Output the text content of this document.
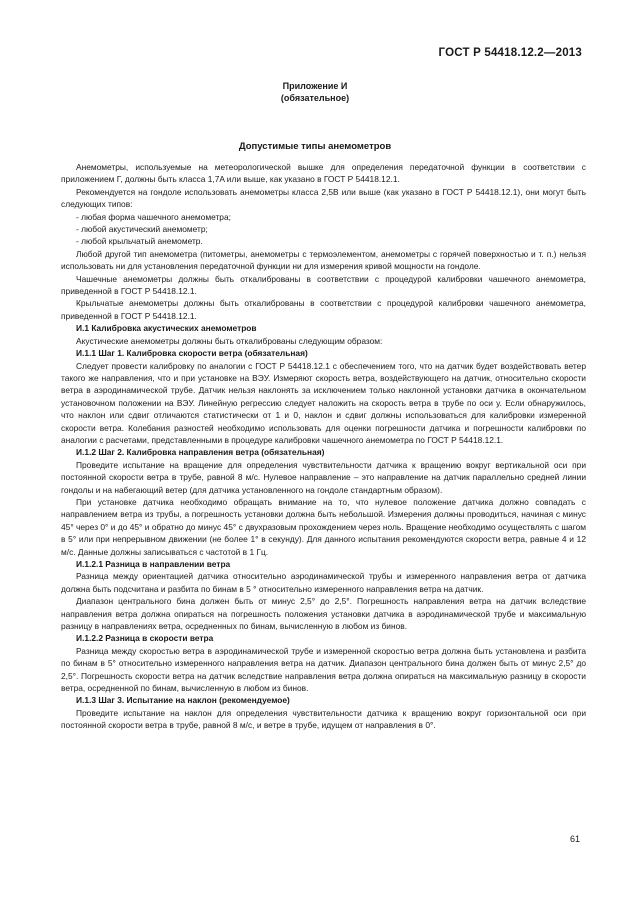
ГОСТ Р 54418.12.2—2013
Приложение И
(обязательное)
Допустимые типы анемометров

Анемометры, используемые на метеорологической вышке для определения передаточной функции в соответствии с приложением Г, должны быть класса 1,7A или выше, как указано в ГОСТ Р 54418.12.1.

Рекомендуется на гондоле использовать анемометры класса 2,5B или выше (как указано в ГОСТ Р 54418.12.1), они могут быть следующих типов:

- любая форма чашечного анемометра;

- любой акустический анемометр;

- любой крыльчатый анемометр.

Любой другой тип анемометра (питометры, анемометры с термоэлементом, анемометры с горячей поверхностью и т. п.) нельзя использовать ни для установления передаточной функции ни для измерения кривой мощности на гондоле.

Чашечные анемометры должны быть откалиброваны в соответствии с процедурой калибровки чашечного анемометра, приведенной в ГОСТ Р 54418.12.1.

Крыльчатые анемометры должны быть откалиброваны в соответствии с процедурой калибровки чашечного анемометра, приведенной в ГОСТ Р 54418.12.1.

И.1 Калибровка акустических анемометров

Акустические анемометры должны быть откалиброваны следующим образом:

И.1.1 Шаг 1. Калибровка скорости ветра (обязательная)

Следует провести калибровку по аналогии с ГОСТ Р 54418.12.1 с обеспечением того, что на датчик будет воздействовать ветер такого же направления, что и при установке на ВЭУ. Измеряют скорость ветра, воздействующего на датчик, относительно скорости ветра в аэродинамической трубе. Датчик нельзя наклонять за исключением только наклонной установки датчика в окончательном установочном положении на ВЭУ. Линейную регрессию следует наложить на скорость ветра в трубе по оси y. Если обнаружилось, что наклон или сдвиг отличаются статистически от 1 и 0, наклон и сдвиг должны использоваться для калибровки измеренной скорости ветра. Колебания разностей необходимо использовать для оценки погрешности датчика и погрешности калибровки по аналогии с расчетами, представленными в процедуре калибровки чашечного анемометра по ГОСТ Р 54418.12.1.

И.1.2 Шаг 2. Калибровка направления ветра (обязательная)

Проведите испытание на вращение для определения чувствительности датчика к вращению вокруг вертикальной оси при постоянной скорости ветра в трубе, равной 8 м/с. Нулевое направление – это направление на датчик параллельно средней линии гондолы и на набегающий ветер (для датчика установленного на гондоле стандартным образом).

При установке датчика необходимо обращать внимание на то, что нулевое положение датчика должно совпадать с направлением ветра из трубы, а погрешность установки должна быть небольшой. Измерения должны проводиться, начиная с минус 45° через 0° и до 45° и обратно до минус 45° с двухразовым прохождением через ноль. Вращение необходимо осуществлять с шагом в 5° или при непрерывном движении (не более 1° в секунду). Для данного испытания рекомендуются скорости ветра, равные 4 и 12 м/с. Данные должны записываться с частотой в 1 Гц.

И.1.2.1 Разница в направлении ветра

Разница между ориентацией датчика относительно аэродинамической трубы и измеренного направления ветра от датчика должна быть подсчитана и разбита по бинам в 5 ° относительно измеренного направления ветра на датчик.

Диапазон центрального бина должен быть от минус 2,5° до 2,5°. Погрешность направления ветра на датчик вследствие направления ветра должна опираться на погрешность положения установки датчика в аэродинамической трубе и максимальную разницу в направлениях ветра, осредненных по бинам, вычисленную в любом из бинов.

И.1.2.2 Разница в скорости ветра

Разница между скоростью ветра в аэродинамической трубе и измеренной скоростью ветра должна быть установлена и разбита по бинам в 5° относительно измеренного направления ветра на датчик. Диапазон центрального бина должен быть от минус 2,5° до 2,5°. Погрешность скорости ветра на датчик вследствие направления ветра должна опираться на максимальную разницу в скорости ветра, осредненной по бинам, вычисленную в любом из бинов.

И.1.3 Шаг 3. Испытание на наклон (рекомендуемое)

Проведите испытание на наклон для определения чувствительности датчика к вращению вокруг горизонтальной оси при постоянной скорости ветра в трубе, равной 8 м/с, и ветре в трубе, идущем от направления в 0°.

61
